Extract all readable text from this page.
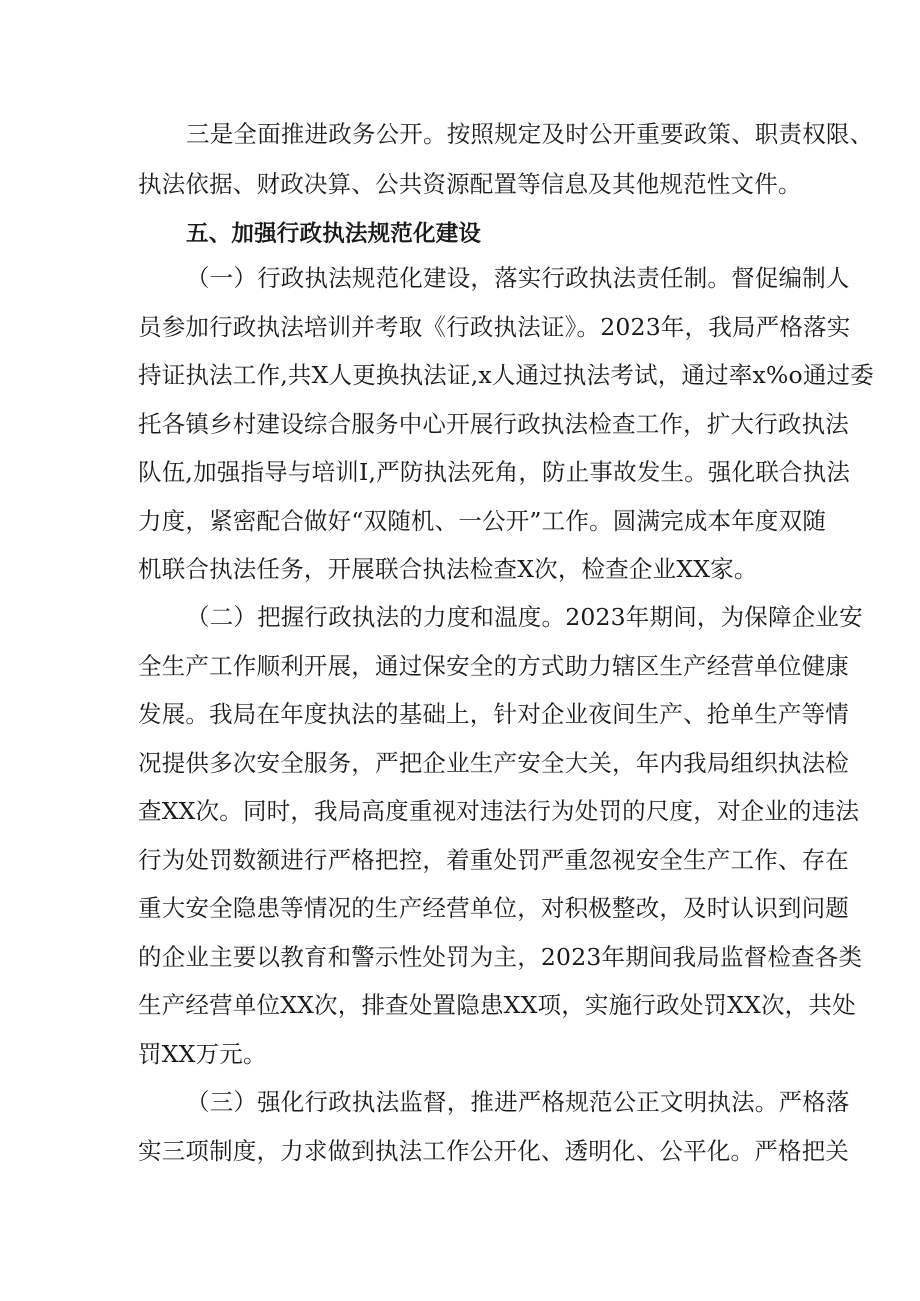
三是全面推进政务公开。按照规定及时公开重要政策、职责权限、
执法依据、财政决算、公共资源配置等信息及其他规范性文件。
五、加强行政执法规范化建设
（一）行政执法规范化建设，落实行政执法责任制。督促编制人
员参加行政执法培训并考取《行政执法证》。2023年，我局严格落实
持证执法工作,共X人更换执法证,x人通过执法考试，通过率x%o通过委
托各镇乡村建设综合服务中心开展行政执法检查工作，扩大行政执法
队伍,加强指导与培训I,严防执法死角，防止事故发生。强化联合执法
力度，紧密配合做好“双随机、一公开”工作。圆满完成本年度双随
机联合执法任务，开展联合执法检查X次，检查企业XX家。
（二）把握行政执法的力度和温度。2023年期间，为保障企业安
全生产工作顺利开展，通过保安全的方式助力辖区生产经营单位健康
发展。我局在年度执法的基础上，针对企业夜间生产、抢单生产等情
况提供多次安全服务，严把企业生产安全大关，年内我局组织执法检
查XX次。同时，我局高度重视对违法行为处罚的尺度，对企业的违法
行为处罚数额进行严格把控，着重处罚严重忽视安全生产工作、存在
重大安全隐患等情况的生产经营单位，对积极整改，及时认识到问题
的企业主要以教育和警示性处罚为主，2023年期间我局监督检查各类
生产经营单位XX次，排查处置隐患XX项，实施行政处罚XX次，共处
罚XX万元。
（三）强化行政执法监督，推进严格规范公正文明执法。严格落
实三项制度，力求做到执法工作公开化、透明化、公平化。严格把关
